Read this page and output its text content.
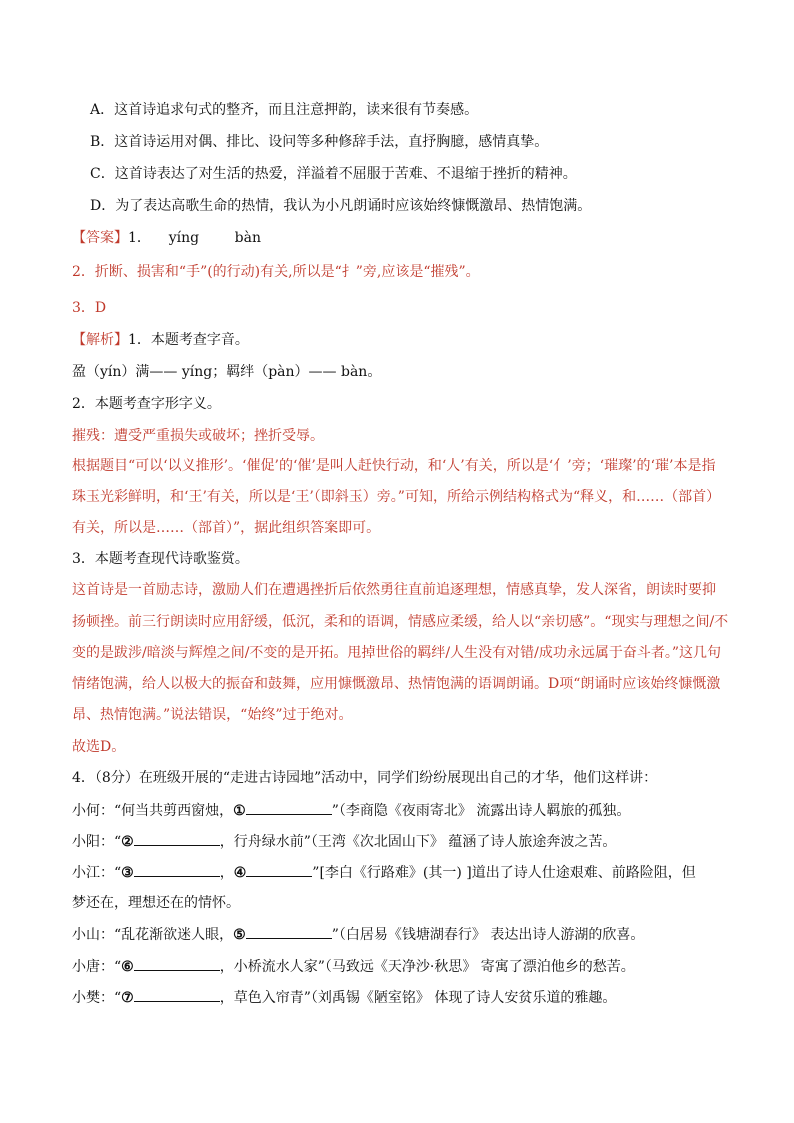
A．这首诗追求句式的整齐，而且注意押韵，读来很有节奏感。
B．这首诗运用对偶、排比、设问等多种修辞手法，直抒胸臆，感情真挚。
C．这首诗表达了对生活的热爱，洋溢着不屈服于苦难、不退缩于挫折的精神。
D．为了表达高歌生命的热情，我认为小凡朗诵时应该始终慷慨激昂、热情饱满。
【答案】1．    yíng        bàn
2．折断、损害和“手”(的行动)有关,所以是“扌”旁,应该是“摧残”。
3．D
【解析】1．本题考查字音。
盈（yín）满—— yíng；羁绊（pàn）—— bàn。
2．本题考查字形字义。
摧残：遭受严重损失或破坏；挫折受辱。
根据题目“可以‘以义推形’。‘催促’的‘催’是叫人赶快行动，和‘人’有关，所以是‘亻’旁；‘璀璨’的‘璀’本是指
珠玉光彩鲜明，和‘王’有关，所以是‘王’（即斜玉）旁。”可知，所给示例结构格式为“释义，和……（部首）
有关，所以是……（部首）”，据此组织答案即可。
3．本题考查现代诗歌鉴赏。
这首诗是一首励志诗，激励人们在遭遇挫折后依然勇往直前追逐理想，情感真挚，发人深省，朗读时要抑
扬顿挫。前三行朗读时应用舒缓，低沉，柔和的语调，情感应柔缓，给人以“亲切感”。“现实与理想之间/不
变的是跋涉/暗淡与辉煌之间/不变的是开拓。甩掉世俗的羁绊/人生没有对错/成功永远属于奋斗者。”这几句
情绪饱满，给人以极大的振奋和鼓舞，应用慷慨激昂、热情饱满的语调朗诵。D项“朗诵时应该始终慷慨激
昂、热情饱满。”说法错误，“始终”过于绝对。
故选D。
4．（8分）在班级开展的“走进古诗园地”活动中，同学们纷纷展现出自己的才华，他们这样讲：
小何：“何当共剪西窗烛，①	”（李商隐《夜雨寄北》 流露出诗人羁旅的孤独。
小阳：“②	，行舟绿水前”（王湾《次北固山下》 蕴涵了诗人旅途奔波之苦。
小江：“③	，④	”[李白《行路难》(其一) ]道出了诗人仕途艰难、前路险阻，但
梦还在，理想还在的情怀。
小山：“乱花渐欲迷人眼，⑤	”（白居易《钱塘湖春行》 表达出诗人游湖的欣喜。
小唐：“⑥	，小桥流水人家”（马致远《天净沙·秋思》 寄寓了漂泊他乡的愁苦。
小樊：“⑦	，草色入帘青”（刘禹锡《陋室铭》 体现了诗人安贫乐道的雅趣。
